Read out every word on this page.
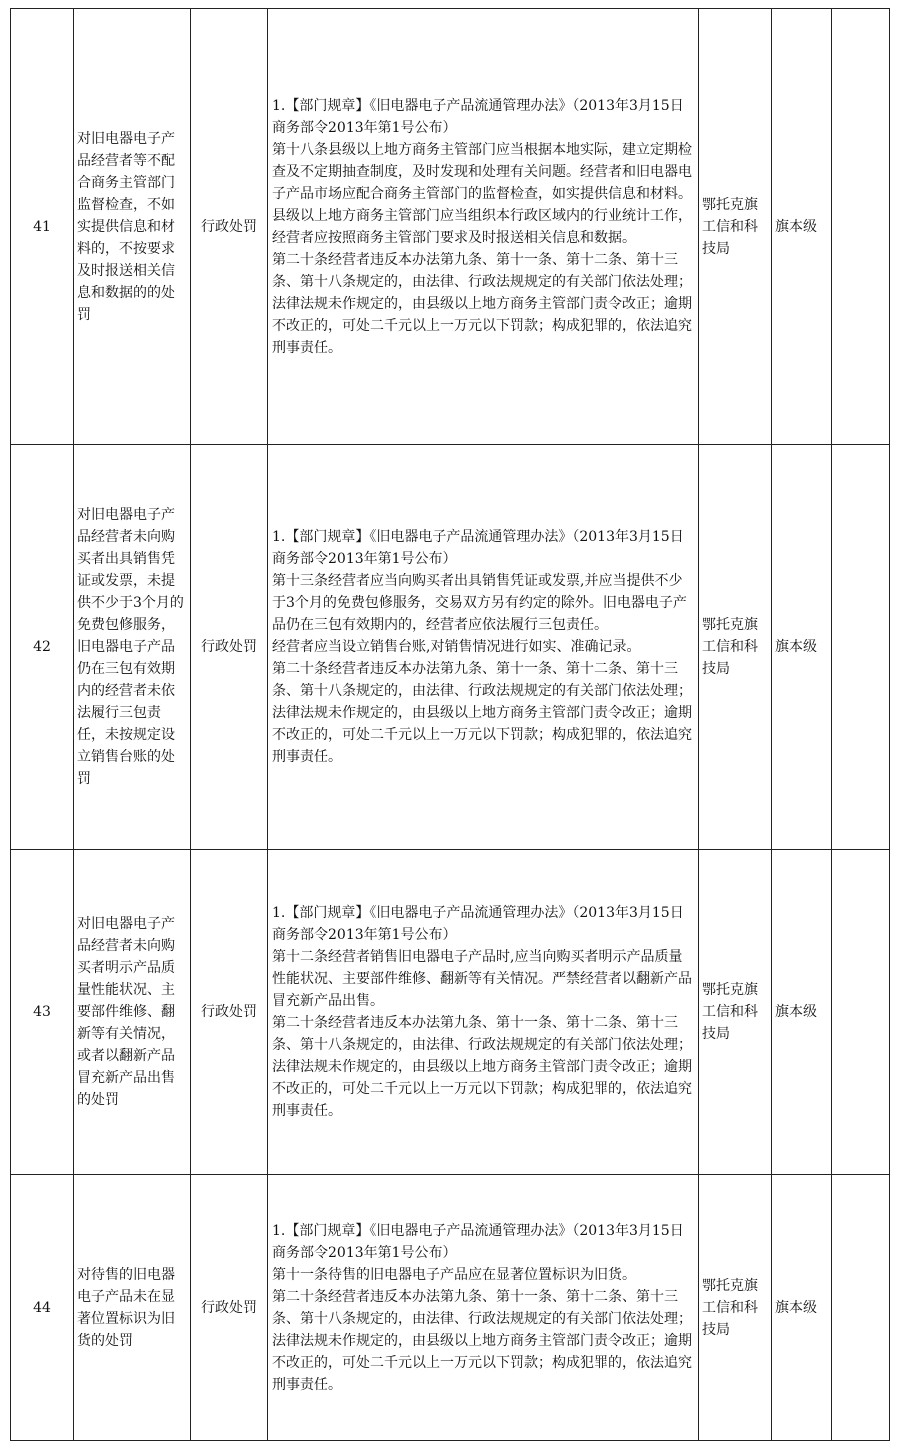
41	对旧电器电子产品经营者等不配合商务主管部门监督检查，不如实提供信息和材料的，不按要求及时报送相关信息和数据的的处罚	行政处罚	1.【部门规章】《旧电器电子产品流通管理办法》（2013年3月15日商务部令2013年第1号公布）
第十八条县级以上地方商务主管部门应当根据本地实际，建立定期检查及不定期抽查制度，及时发现和处理有关问题。经营者和旧电器电子产品市场应配合商务主管部门的监督检查，如实提供信息和材料。
县级以上地方商务主管部门应当组织本行政区域内的行业统计工作，经营者应按照商务主管部门要求及时报送相关信息和数据。
第二十条经营者违反本办法第九条、第十一条、第十二条、第十三条、第十八条规定的，由法律、行政法规规定的有关部门依法处理；法律法规未作规定的，由县级以上地方商务主管部门责令改正；逾期不改正的，可处二千元以上一万元以下罚款；构成犯罪的，依法追究刑事责任。	鄂托克旗工信和科技局	旗本级	
42	对旧电器电子产品经营者未向购买者出具销售凭证或发票，未提供不少于3个月的免费包修服务，旧电器电子产品仍在三包有效期内的经营者未依法履行三包责任，未按规定设立销售台账的处罚	行政处罚	1.【部门规章】《旧电器电子产品流通管理办法》（2013年3月15日商务部令2013年第1号公布）
第十三条经营者应当向购买者出具销售凭证或发票,并应当提供不少于3个月的免费包修服务，交易双方另有约定的除外。旧电器电子产品仍在三包有效期内的，经营者应依法履行三包责任。
经营者应当设立销售台账,对销售情况进行如实、准确记录。
第二十条经营者违反本办法第九条、第十一条、第十二条、第十三条、第十八条规定的，由法律、行政法规规定的有关部门依法处理；法律法规未作规定的，由县级以上地方商务主管部门责令改正；逾期不改正的，可处二千元以上一万元以下罚款；构成犯罪的，依法追究刑事责任。	鄂托克旗工信和科技局	旗本级	
43	对旧电器电子产品经营者未向购买者明示产品质量性能状况、主要部件维修、翻新等有关情况，或者以翻新产品冒充新产品出售的处罚	行政处罚	1.【部门规章】《旧电器电子产品流通管理办法》（2013年3月15日商务部令2013年第1号公布）
第十二条经营者销售旧电器电子产品时,应当向购买者明示产品质量性能状况、主要部件维修、翻新等有关情况。严禁经营者以翻新产品冒充新产品出售。
第二十条经营者违反本办法第九条、第十一条、第十二条、第十三条、第十八条规定的，由法律、行政法规规定的有关部门依法处理；法律法规未作规定的，由县级以上地方商务主管部门责令改正；逾期不改正的，可处二千元以上一万元以下罚款；构成犯罪的，依法追究刑事责任。	鄂托克旗工信和科技局	旗本级	
44	对待售的旧电器电子产品未在显著位置标识为旧货的处罚	行政处罚	1.【部门规章】《旧电器电子产品流通管理办法》（2013年3月15日商务部令2013年第1号公布）
第十一条待售的旧电器电子产品应在显著位置标识为旧货。
第二十条经营者违反本办法第九条、第十一条、第十二条、第十三条、第十八条规定的，由法律、行政法规规定的有关部门依法处理；法律法规未作规定的，由县级以上地方商务主管部门责令改正；逾期不改正的，可处二千元以上一万元以下罚款；构成犯罪的，依法追究刑事责任。	鄂托克旗工信和科技局	旗本级	
